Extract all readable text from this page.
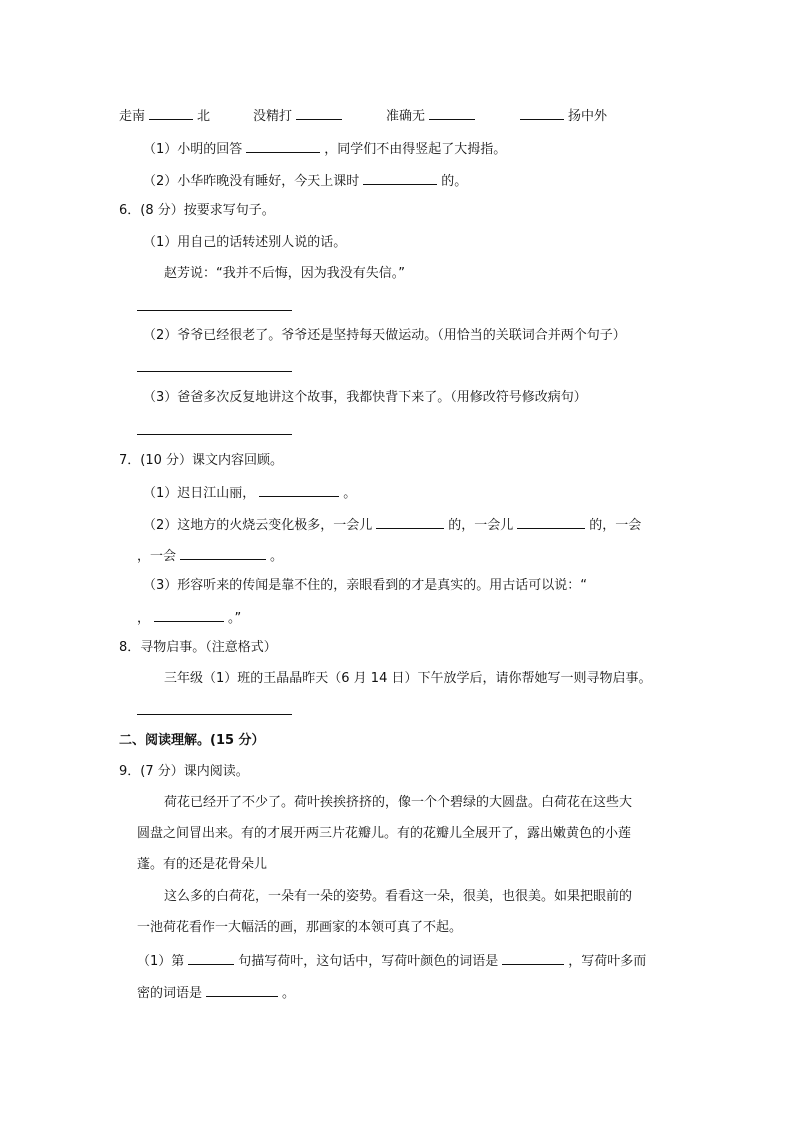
走南	北	没精打	准确无	扬中外
（1）小明的回答	，同学们不由得竖起了大拇指。
（2）小华昨晚没有睡好，今天上课时	的。
6．(8 分）按要求写句子。
（1）用自己的话转述别人说的话。
赵芳说：“我并不后悔，因为我没有失信。”
（2）爷爷已经很老了。爷爷还是坚持每天做运动。（用恰当的关联词合并两个句子）
（3）爸爸多次反复地讲这个故事，我都快背下来了。（用修改符号修改病句）
7．(10 分）课文内容回顾。
（1）迟日江山丽，	。
（2）这地方的火烧云变化极多，一会儿	的，一会儿	的，一会
，一会	。
（3）形容听来的传闻是靠不住的，亲眼看到的才是真实的。用古话可以说：“
，	。”
8．寻物启事。（注意格式）
三年级（1）班的王晶晶昨天（6 月 14 日）下午放学后，请你帮她写一则寻物启事。
二、阅读理解。(15 分）
9．(7 分）课内阅读。
荷花已经开了不少了。荷叶挨挨挤挤的，像一个个碧绿的大圆盘。白荷花在这些大
圆盘之间冒出来。有的才展开两三片花瓣儿。有的花瓣儿全展开了，露出嫩黄色的小莲
蓬。有的还是花骨朵儿
这么多的白荷花，一朵有一朵的姿势。看看这一朵，很美，也很美。如果把眼前的
一池荷花看作一大幅活的画，那画家的本领可真了不起。
（1）第	句描写荷叶，这句话中，写荷叶颜色的词语是	，写荷叶多而
密的词语是	。
